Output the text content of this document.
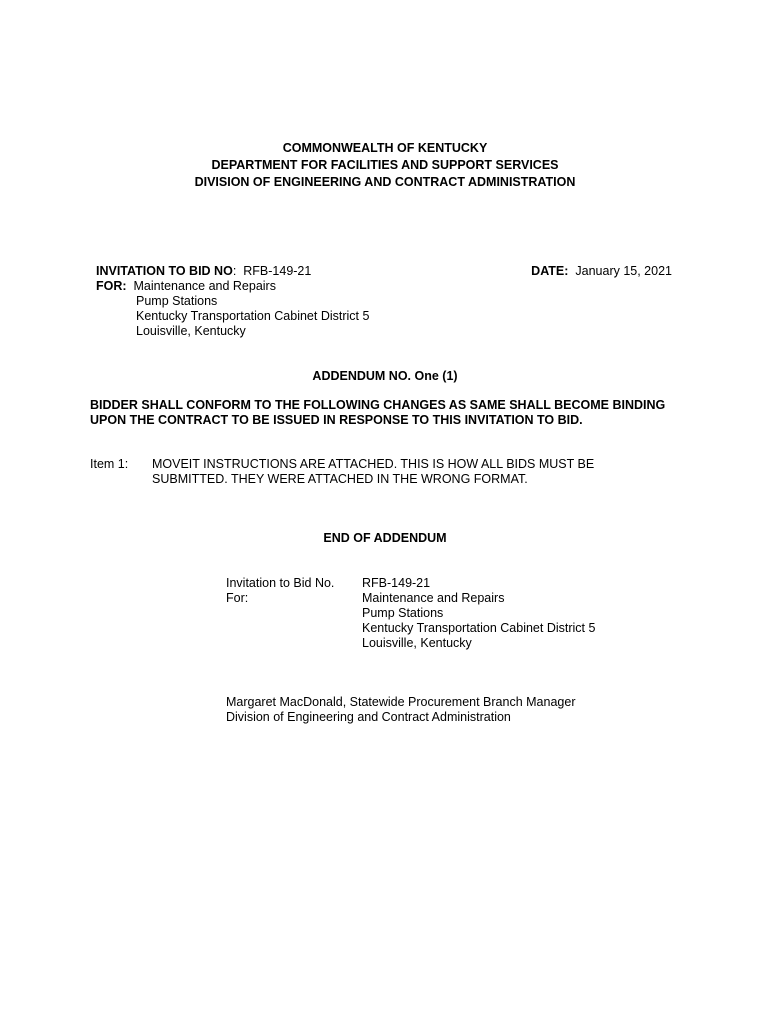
COMMONWEALTH OF KENTUCKY
DEPARTMENT FOR FACILITIES AND SUPPORT SERVICES
DIVISION OF ENGINEERING AND CONTRACT ADMINISTRATION
INVITATION TO BID NO: RFB-149-21
FOR: Maintenance and Repairs
Pump Stations
Kentucky Transportation Cabinet District 5
Louisville, Kentucky
DATE: January 15, 2021
ADDENDUM NO. One (1)
BIDDER SHALL CONFORM TO THE FOLLOWING CHANGES AS SAME SHALL BECOME BINDING
UPON THE CONTRACT TO BE ISSUED IN RESPONSE TO THIS INVITATION TO BID.
Item 1: MOVEIT INSTRUCTIONS ARE ATTACHED. THIS IS HOW ALL BIDS MUST BE
SUBMITTED. THEY WERE ATTACHED IN THE WRONG FORMAT.
END OF ADDENDUM
Invitation to Bid No.
For:
RFB-149-21
Maintenance and Repairs
Pump Stations
Kentucky Transportation Cabinet District 5
Louisville, Kentucky
Margaret MacDonald, Statewide Procurement Branch Manager
Division of Engineering and Contract Administration
